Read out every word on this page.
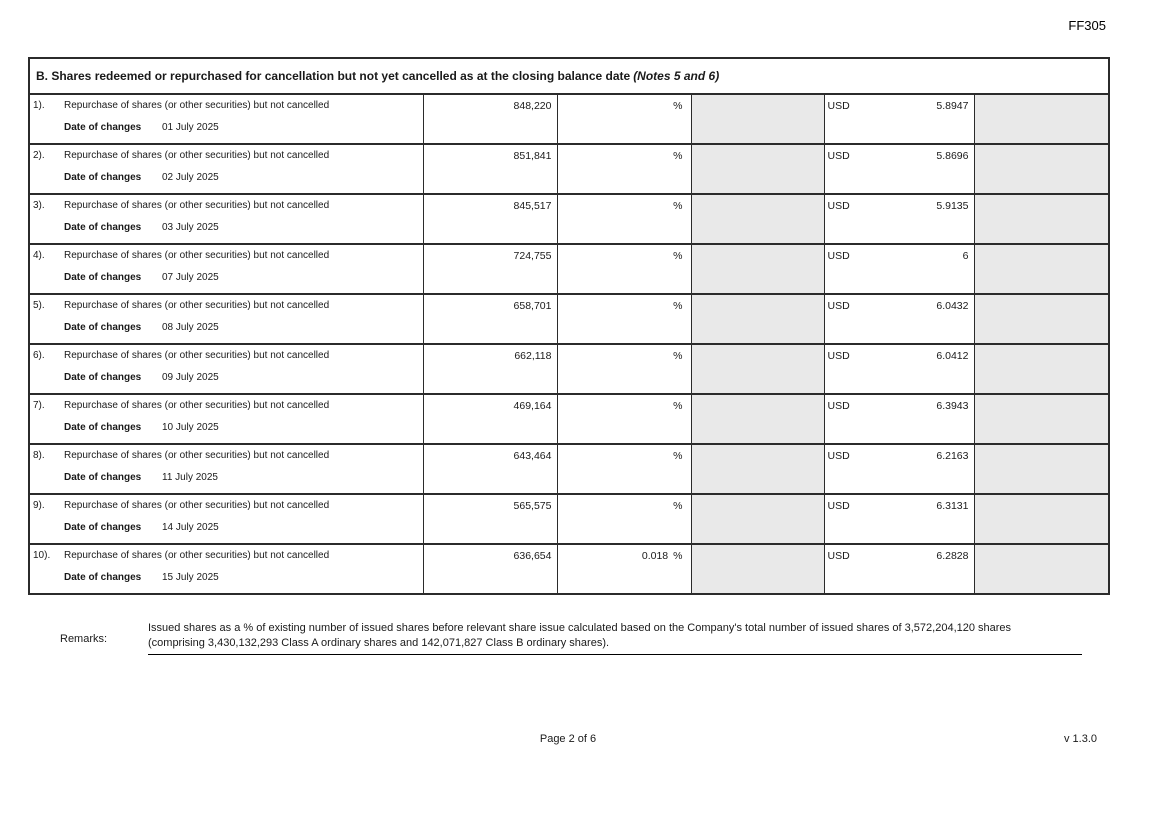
FF305
B. Shares redeemed or repurchased for cancellation but not yet cancelled as at the closing balance date (Notes 5 and 6)					

1).	Repurchase of shares (or other securities) but not cancelled
Date of changes	01 July 2025
	848,220	%		USD	5.8947

2).	Repurchase of shares (or other securities) but not cancelled
Date of changes	02 July 2025
	851,841	%		USD	5.8696

3).	Repurchase of shares (or other securities) but not cancelled
Date of changes	03 July 2025
	845,517	%		USD	5.9135

4).	Repurchase of shares (or other securities) but not cancelled
Date of changes	07 July 2025
	724,755	%		USD	6

5).	Repurchase of shares (or other securities) but not cancelled
Date of changes	08 July 2025
	658,701	%		USD	6.0432

6).	Repurchase of shares (or other securities) but not cancelled
Date of changes	09 July 2025
	662,118	%		USD	6.0412

7).	Repurchase of shares (or other securities) but not cancelled
Date of changes	10 July 2025
	469,164	%		USD	6.3943

8).	Repurchase of shares (or other securities) but not cancelled
Date of changes	11 July 2025
	643,464	%		USD	6.2163

9).	Repurchase of shares (or other securities) but not cancelled
Date of changes	14 July 2025
	565,575	%		USD	6.3131

10).	Repurchase of shares (or other securities) but not cancelled
Date of changes	15 July 2025
	636,654	0.018 %		USD	6.2828

Remarks:
Issued shares as a % of existing number of issued shares before relevant share issue calculated based on the Company's total number of issued shares of 3,572,204,120 shares (comprising 3,430,132,293 Class A ordinary shares and 142,071,827 Class B ordinary shares).
Page 2 of 6	v 1.3.0
